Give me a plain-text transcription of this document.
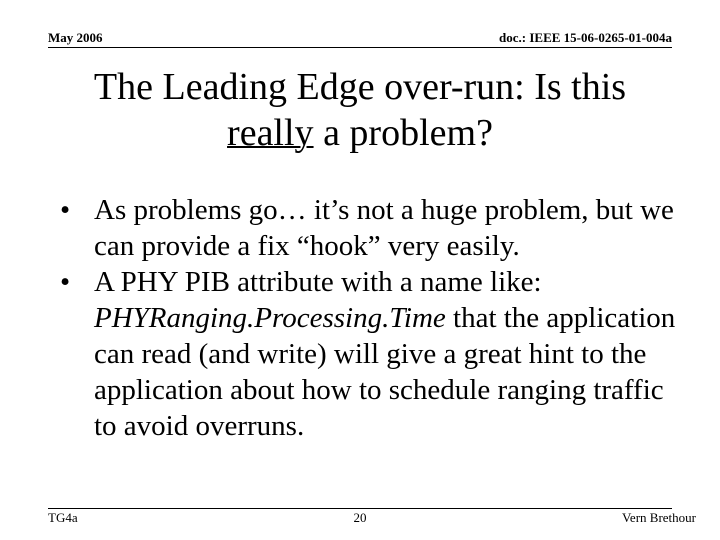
May 2006	doc.: IEEE 15-06-0265-01-004a
The Leading Edge over-run: Is this
really a problem?
• As problems go… it’s not a huge problem, but we can provide a fix “hook” very easily.
• A PHY PIB attribute with a name like: PHYRanging.Processing.Time that the application can read (and write) will give a great hint to the application about how to schedule ranging traffic to avoid overruns.
TG4a	20	Vern Brethour
